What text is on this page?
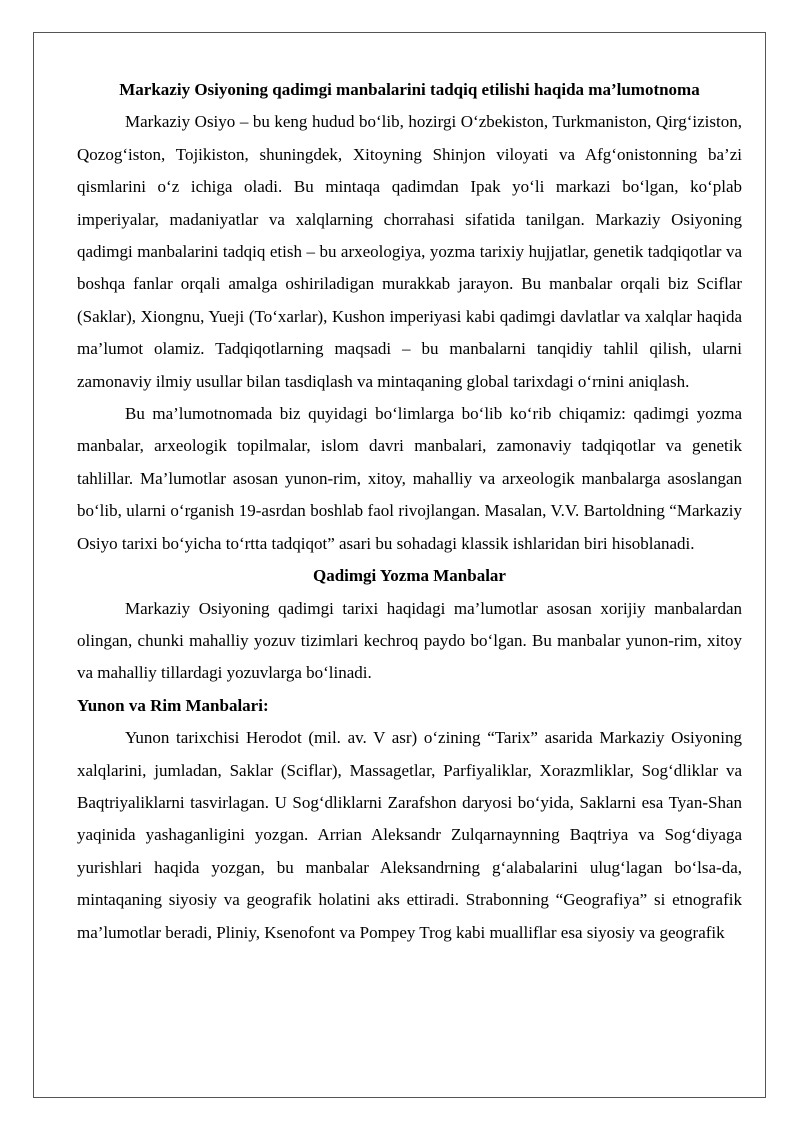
Markaziy Osiyoning qadimgi manbalarini tadqiq etilishi haqida ma’lumotnoma

Markaziy Osiyo – bu keng hudud bo‘lib, hozirgi O‘zbekiston, Turkmaniston, Qirg‘iziston, Qozog‘iston, Tojikiston, shuningdek, Xitoyning Shinjon viloyati va Afg‘onistonning ba’zi qismlarini o‘z ichiga oladi. Bu mintaqa qadimdan Ipak yo‘li markazi bo‘lgan, ko‘plab imperiyalar, madaniyatlar va xalqlarning chorrahasi sifatida tanilgan. Markaziy Osiyoning qadimgi manbalarini tadqiq etish – bu arxeologiya, yozma tarixiy hujjatlar, genetik tadqiqotlar va boshqa fanlar orqali amalga oshiriladigan murakkab jarayon. Bu manbalar orqali biz Sciflar (Saklar), Xiongnu, Yueji (To‘xarlar), Kushon imperiyasi kabi qadimgi davlatlar va xalqlar haqida ma’lumot olamiz. Tadqiqotlarning maqsadi – bu manbalarni tanqidiy tahlil qilish, ularni zamonaviy ilmiy usullar bilan tasdiqlash va mintaqaning global tarixdagi o‘rnini aniqlash.

Bu ma’lumotnomada biz quyidagi bo‘limlarga bo‘lib ko‘rib chiqamiz: qadimgi yozma manbalar, arxeologik topilmalar, islom davri manbalari, zamonaviy tadqiqotlar va genetik tahlillar. Ma’lumotlar asosan yunon-rim, xitoy, mahalliy va arxeologik manbalarga asoslangan bo‘lib, ularni o‘rganish 19-asrdan boshlab faol rivojlangan. Masalan, V.V. Bartoldning “Markaziy Osiyo tarixi bo‘yicha to‘rtta tadqiqot” asari bu sohadagi klassik ishlaridan biri hisoblanadi.

Qadimgi Yozma Manbalar

Markaziy Osiyoning qadimgi tarixi haqidagi ma’lumotlar asosan xorijiy manbalardan olingan, chunki mahalliy yozuv tizimlari kechroq paydo bo‘lgan. Bu manbalar yunon-rim, xitoy va mahalliy tillardagi yozuvlarga bo‘linadi.

Yunon va Rim Manbalari:

Yunon tarixchisi Herodot (mil. av. V asr) o‘zining “Tarix” asarida Markaziy Osiyoning xalqlarini, jumladan, Saklar (Sciflar), Massagetlar, Parfiyaliklar, Xorazmliklar, Sog‘dliklar va Baqtriyaliklarni tasvirlagan. U Sog‘dliklarni Zarafshon daryosi bo‘yida, Saklarni esa Tyan-Shan yaqinida yashaganligini yozgan. Arrian Aleksandr Zulqarnaynning Baqtriya va Sog‘diyaga yurishlari haqida yozgan, bu manbalar Aleksandrning g‘alabalarini ulug‘lagan bo‘lsa-da, mintaqaning siyosiy va geografik holatini aks ettiradi. Strabonning “Geografiya” si etnografik ma’lumotlar beradi, Pliniy, Ksenofont va Pompey Trog kabi mualliflar esa siyosiy va geografik
